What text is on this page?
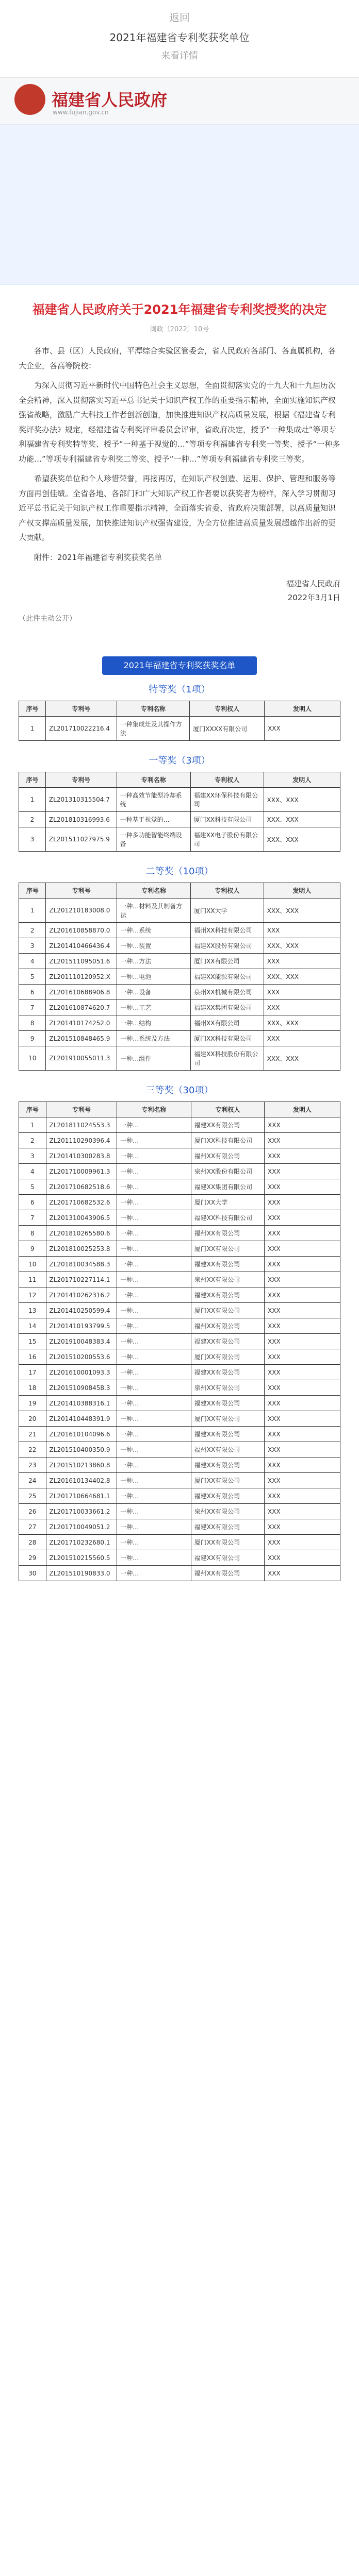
返回
2021年福建省专利奖获奖单位
来看详情
福建省人民政府
www.fujian.gov.cn
福建省人民政府关于2021年福建省专利奖授奖的决定
闽政〔2022〕10号
各市、县（区）人民政府，平潭综合实验区管委会，省人民政府各部门、各直属机构，各大企业，各高等院校：
为深入贯彻习近平新时代中国特色社会主义思想，全面贯彻落实党的十九大和十九届历次全会精神，深入贯彻落实习近平总书记关于知识产权工作的重要指示精神，全面实施知识产权强省战略，激励广大科技工作者创新创造，加快推进知识产权高质量发展，根据《福建省专利奖评奖办法》规定，经福建省专利奖评审委员会评审，省政府决定，授予“一种集成灶”等项专利福建省专利奖特等奖、授予“一种基于视觉的…”等项专利福建省专利奖一等奖、授予“一种多功能…”等项专利福建省专利奖二等奖、授予“一种…”等项专利福建省专利奖三等奖。
希望获奖单位和个人珍惜荣誉，再接再厉，在知识产权创造、运用、保护、管理和服务等方面再创佳绩。全省各地、各部门和广大知识产权工作者要以获奖者为榜样，深入学习贯彻习近平总书记关于知识产权工作重要指示精神，全面落实省委、省政府决策部署，以高质量知识产权支撑高质量发展，加快推进知识产权强省建设，为全方位推进高质量发展超越作出新的更大贡献。
附件：2021年福建省专利奖获奖名单
福建省人民政府
2022年3月1日
（此件主动公开）
2021年福建省专利奖获奖名单
特等奖（1项）
序号	专利号	专利名称	专利权人	发明人
1	ZL201710022216.4	一种集成灶及其操作方法	厦门XXXX有限公司	XXX
一等奖（3项）
序号	专利号	专利名称	专利权人	发明人
1	ZL201310315504.7	一种高效节能型冷却系统	福建XX环保科技有限公司	XXX、XXX
2	ZL201810316993.6	一种基于视觉的…	厦门XX科技有限公司	XXX、XXX
3	ZL201511027975.9	一种多功能智能终端设备	福建XX电子股份有限公司	XXX、XXX
二等奖（10项）
序号	专利号	专利名称	专利权人	发明人
1	ZL201210183008.0	一种…材料及其制备方法	厦门XX大学	XXX、XXX
2	ZL201610858870.0	一种…系统	福州XX科技有限公司	XXX
3	ZL201410466436.4	一种…装置	福建XX股份有限公司	XXX、XXX
4	ZL201511095051.6	一种…方法	厦门XX有限公司	XXX
5	ZL201110120952.X	一种…电池	福建XX能源有限公司	XXX、XXX
6	ZL201610688906.8	一种…设备	泉州XX机械有限公司	XXX
7	ZL201610874620.7	一种…工艺	福建XX集团有限公司	XXX
8	ZL201410174252.0	一种…结构	福州XX有限公司	XXX、XXX
9	ZL201510848465.9	一种…系统及方法	厦门XX科技有限公司	XXX
10	ZL201910055011.3	一种…组件	福建XX科技股份有限公司	XXX、XXX
三等奖（30项）
序号	专利号	专利名称	专利权人	发明人
1	ZL201811024553.3	一种…	福建XX有限公司	XXX
2	ZL201110290396.4	一种…	厦门XX科技有限公司	XXX
3	ZL201410300283.8	一种…	福州XX有限公司	XXX
4	ZL201710009961.3	一种…	泉州XX股份有限公司	XXX
5	ZL201710682518.6	一种…	福建XX集团有限公司	XXX
6	ZL201710682532.6	一种…	厦门XX大学	XXX
7	ZL201310043906.5	一种…	福建XX科技有限公司	XXX
8	ZL201810265580.6	一种…	福州XX有限公司	XXX
9	ZL201810025253.8	一种…	厦门XX有限公司	XXX
10	ZL201810034588.3	一种…	福建XX有限公司	XXX
11	ZL201710227114.1	一种…	泉州XX有限公司	XXX
12	ZL201410262316.2	一种…	福建XX有限公司	XXX
13	ZL201410250599.4	一种…	厦门XX有限公司	XXX
14	ZL201410193799.5	一种…	福州XX有限公司	XXX
15	ZL201910048383.4	一种…	福建XX有限公司	XXX
16	ZL201510200553.6	一种…	厦门XX有限公司	XXX
17	ZL201610001093.3	一种…	福建XX有限公司	XXX
18	ZL201510908458.3	一种…	泉州XX有限公司	XXX
19	ZL201410388316.1	一种…	福建XX有限公司	XXX
20	ZL201410448391.9	一种…	厦门XX有限公司	XXX
21	ZL201610104096.6	一种…	福建XX有限公司	XXX
22	ZL201510400350.9	一种…	福州XX有限公司	XXX
23	ZL201510213860.8	一种…	福建XX有限公司	XXX
24	ZL201610134402.8	一种…	厦门XX有限公司	XXX
25	ZL201710664681.1	一种…	福建XX有限公司	XXX
26	ZL201710033661.2	一种…	泉州XX有限公司	XXX
27	ZL201710049051.2	一种…	福建XX有限公司	XXX
28	ZL201710232680.1	一种…	厦门XX有限公司	XXX
29	ZL201510215560.5	一种…	福建XX有限公司	XXX
30	ZL201510190833.0	一种…	福州XX有限公司	XXX
